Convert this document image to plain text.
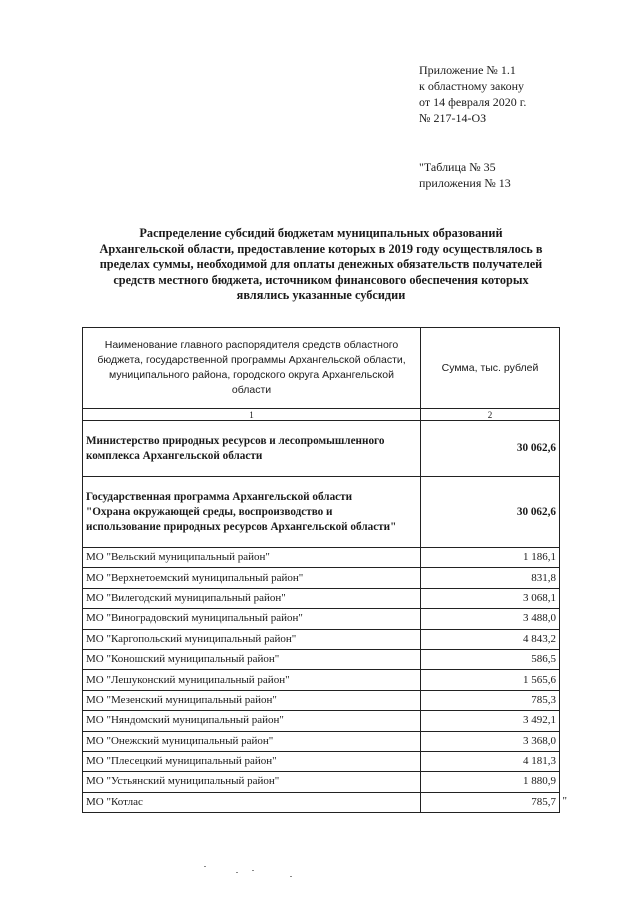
Приложение № 1.1
к областному закону
от 14 февраля 2020 г.
№ 217-14-ОЗ
"Таблица № 35
приложения № 13
Распределение субсидий бюджетам муниципальных образований
Архангельской области, предоставление которых в 2019 году осуществлялось в
пределах суммы, необходимой для оплаты денежных обязательств получателей
средств местного бюджета, источником финансового обеспечения которых
являлись указанные субсидии
Наименование главного распорядителя средств областного
бюджета, государственной программы Архангельской области,
муниципального района, городского округа Архангельской
области	Сумма, тыс. рублей
1	2

Министерство природных ресурсов и лесопромышленного
комплекса Архангельской области	30 062,6

Государственная программа Архангельской области
"Охрана окружающей среды, воспроизводство и
использование природных ресурсов Архангельской области"	30 062,6
МО "Вельский муниципальный район"	1 186,1
МО "Верхнетоемский муниципальный район"	831,8
МО "Вилегодский муниципальный район"	3 068,1
МО "Виноградовский муниципальный район"	3 488,0
МО "Каргопольский муниципальный район"	4 843,2
МО "Коношский муниципальный район"	586,5
МО "Лешуконский муниципальный район"	1 565,6
МО "Мезенский муниципальный район"	785,3
МО "Няндомский муниципальный район"	3 492,1
МО "Онежский муниципальный район"	3 368,0
МО "Плесецкий муниципальный район"	4 181,3
МО "Устьянский муниципальный район"	1 880,9
МО "Котлас	785,7 "
